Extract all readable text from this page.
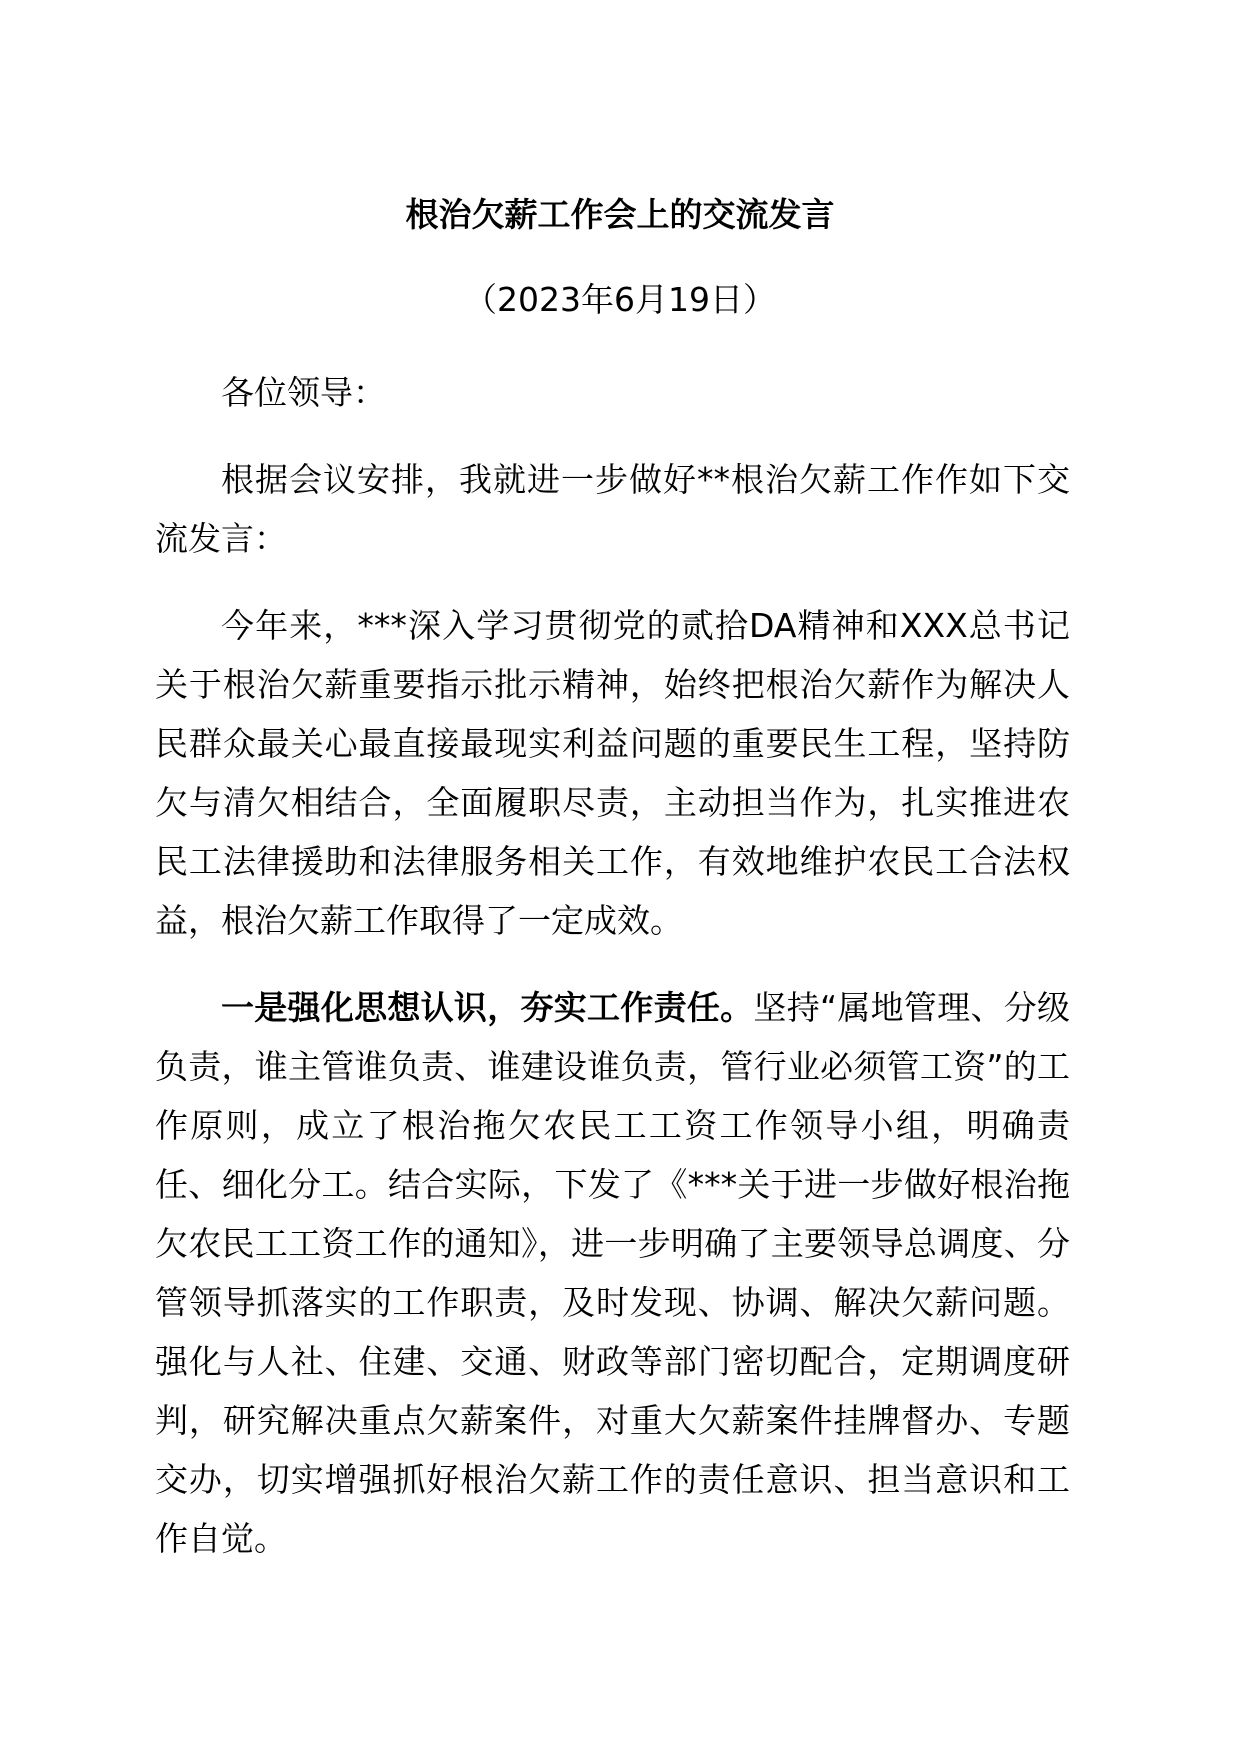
根治欠薪工作会上的交流发言

（2023年6月19日）

各位领导：

根据会议安排，我就进一步做好**根治欠薪工作作如下交流发言：

今年来，***深入学习贯彻党的贰拾DA精神和XXX总书记关于根治欠薪重要指示批示精神，始终把根治欠薪作为解决人民群众最关心最直接最现实利益问题的重要民生工程，坚持防欠与清欠相结合，全面履职尽责，主动担当作为，扎实推进农民工法律援助和法律服务相关工作，有效地维护农民工合法权益，根治欠薪工作取得了一定成效。

一是强化思想认识，夯实工作责任。坚持“属地管理、分级负责，谁主管谁负责、谁建设谁负责，管行业必须管工资”的工作原则，成立了根治拖欠农民工工资工作领导小组，明确责任、细化分工。结合实际，下发了《***关于进一步做好根治拖欠农民工工资工作的通知》，进一步明确了主要领导总调度、分管领导抓落实的工作职责，及时发现、协调、解决欠薪问题。强化与人社、住建、交通、财政等部门密切配合，定期调度研判，研究解决重点欠薪案件，对重大欠薪案件挂牌督办、专题交办，切实增强抓好根治欠薪工作的责任意识、担当意识和工作自觉。
